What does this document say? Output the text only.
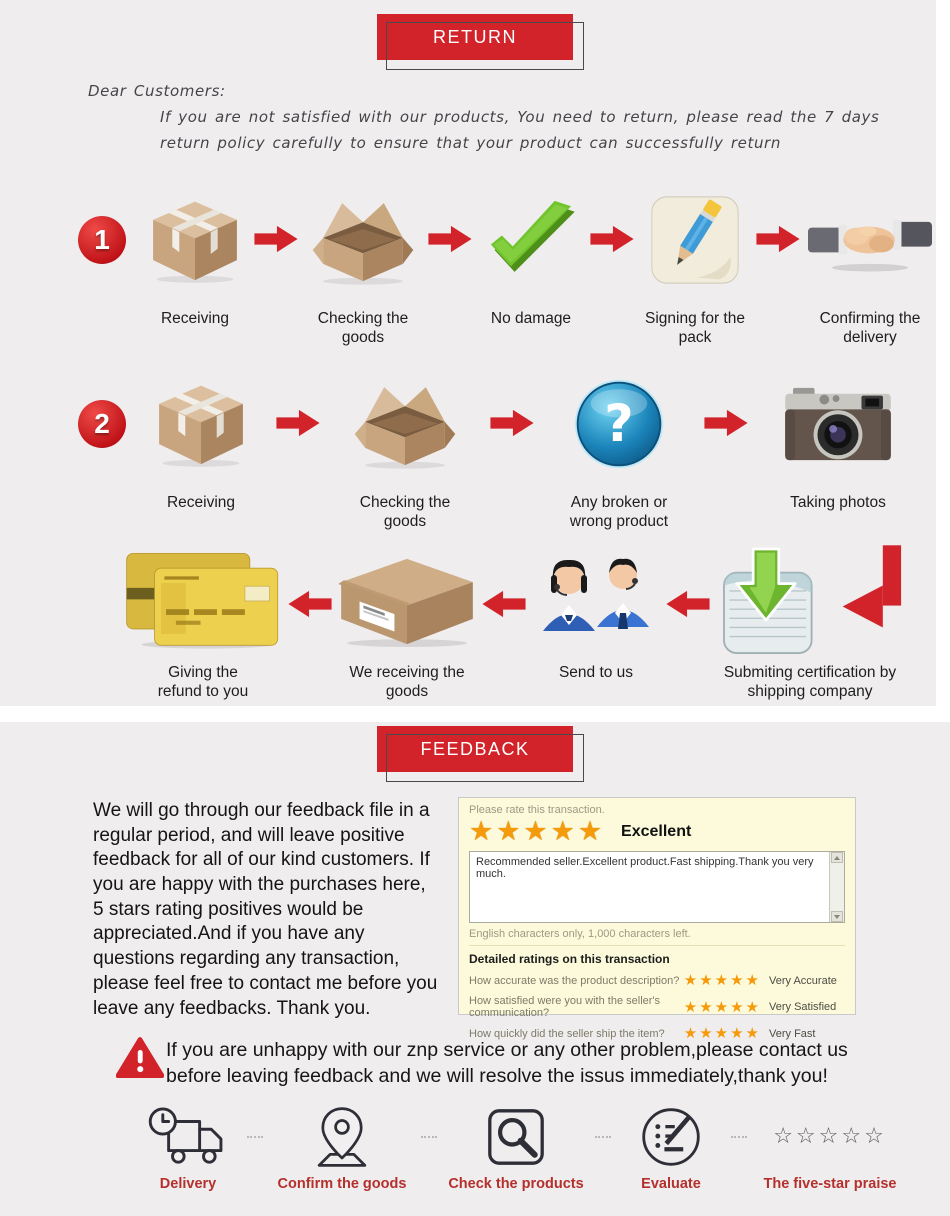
RETURN
Dear Customers:
If you are not satisfied with our products, You need to return, please read the 7 days
return policy carefully to ensure that your product can successfully return
1
Receiving	Checking the goods
No damage	Signing for the pack
Confirming the delivery
2
Receiving	Checking the goods
?
Any broken or wrong product
Taking photos
Giving the refund to you
We receiving the goods
Send to us	Submiting certification by shipping company
FEEDBACK
We will go through our feedback file in a regular period, and will leave positive feedback for all of our kind customers. If you are happy with the purchases here, 5 stars rating positives would be appreciated.And if you have any questions regarding any transaction, please feel free to contact me before you leave any feedbacks. Thank you.
Please rate this transaction.
★★★★★ Excellent
Recommended seller.Excellent product.Fast shipping.Thank you very much.
English characters only, 1,000 characters left.
Detailed ratings on this transaction
How accurate was the product description? ★★★★★ Very Accurate
How satisfied were you with the seller's communication?	★★★★★ Very Satisfied
How quickly did the seller ship the item?	★★★★★ Very Fast
If you are unhappy with our znp service or any other problem,please contact us
before leaving feedback and we will resolve the issus immediately,thank you!
Delivery	Confirm the goods	Check the products	Evaluate
☆☆☆☆☆
The five-star praise
